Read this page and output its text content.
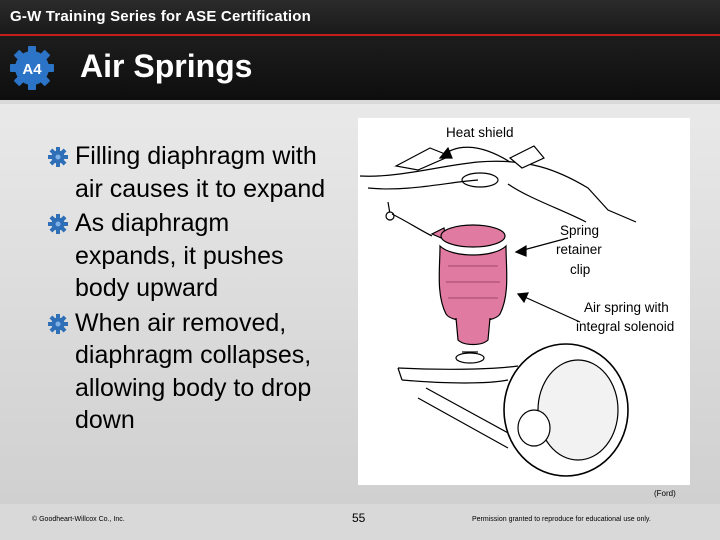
G-W Training Series for ASE Certification
A4 Air Springs
Filling diaphragm with air causes it to expand
As diaphragm expands, it pushes body upward
When air removed, diaphragm collapses, allowing body to drop down
Heat shield
Spring
retainer
clip
Air spring with
integral solenoid
(Ford)
© Goodheart-Willcox Co., Inc.	55	Permission granted to reproduce for educational use only.
